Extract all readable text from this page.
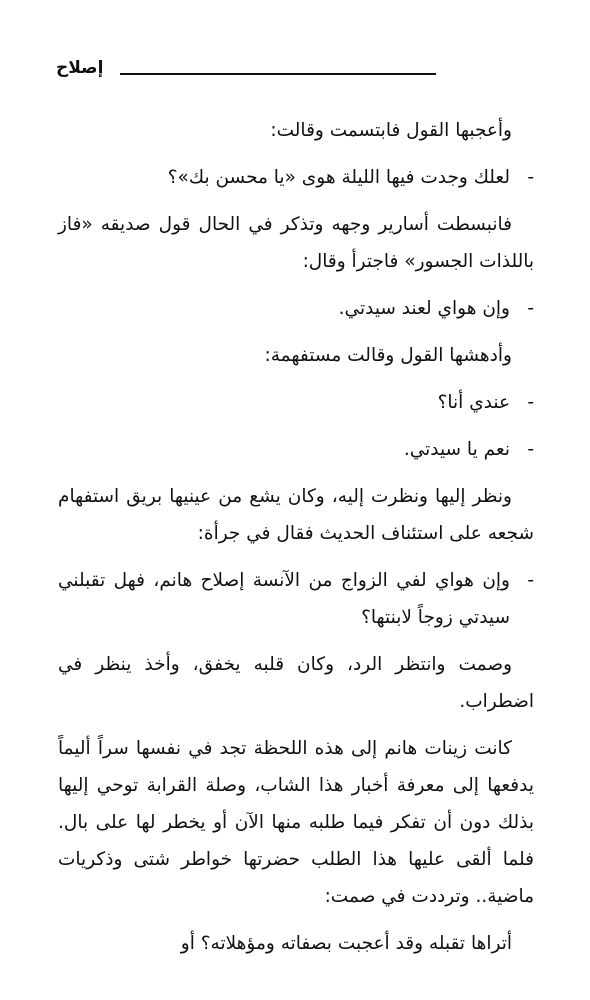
إصلاح

وأعجبها القول فابتسمت وقالت:

-
لعلك وجدت فيها الليلة هوى «يا محسن بك»؟

فانبسطت أسارير وجهه وتذكر في الحال قول صديقه «فاز باللذات الجسور» فاجترأ وقال:

-
وإن هواي لعند سيدتي.

وأدهشها القول وقالت مستفهمة:

-
عندي أنا؟

-
نعم يا سيدتي.

ونظر إليها ونظرت إليه، وكان يشع من عينيها بريق استفهام شجعه على استئناف الحديث فقال في جرأة:

-
وإن هواي لفي الزواج من الآنسة إصلاح هانم، فهل تقبلني سيدتي زوجاً لابنتها؟

وصمت وانتظر الرد، وكان قلبه يخفق، وأخذ ينظر في اضطراب.

كانت زينات هانم إلى هذه اللحظة تجد في نفسها سراً أليماً يدفعها إلى معرفة أخبار هذا الشاب، وصلة القرابة توحي إليها بذلك دون أن تفكر فيما طلبه منها الآن أو يخطر لها على بال. فلما ألقى عليها هذا الطلب حضرتها خواطر شتى وذكريات ماضية.. وترددت في صمت:

أتراها تقبله وقد أعجبت بصفاته ومؤهلاته؟ أو
